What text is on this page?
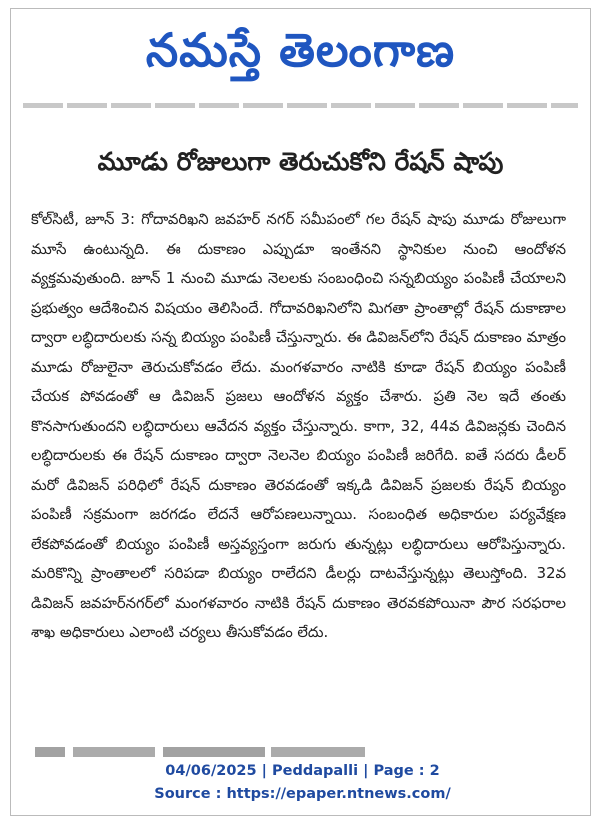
నమస్తే తెలంగాణ
మూడు రోజులుగా తెరుచుకోని రేషన్ షాపు

కోల్‌సిటీ, జూన్ 3: గోదావరిఖని జవహర్ నగర్ సమీపంలో గల రేషన్ షాపు మూడు రోజులుగా మూసే ఉంటున్నది. ఈ దుకాణం ఎప్పుడూ ఇంతేనని స్థానికుల నుంచి ఆందోళన వ్యక్తమవుతుంది. జూన్ 1 నుంచి మూడు నెలలకు సంబంధించి సన్నబియ్యం పంపిణీ చేయాలని ప్రభుత్వం ఆదేశించిన విషయం తెలిసిందే. గోదావరిఖనిలోని మిగతా ప్రాంతాల్లో రేషన్ దుకాణాల ద్వారా లబ్ధిదారులకు సన్న బియ్యం పంపిణీ చేస్తున్నారు. ఈ డివిజన్‌లోని రేషన్ దుకాణం మాత్రం మూడు రోజులైనా తెరుచుకోవడం లేదు. మంగళవారం నాటికి కూడా రేషన్ బియ్యం పంపిణీ చేయక పోవడంతో ఆ డివిజన్ ప్రజలు ఆందోళన వ్యక్తం చేశారు. ప్రతి నెల ఇదే తంతు కొనసాగుతుందని లబ్ధిదారులు ఆవేదన వ్యక్తం చేస్తున్నారు. కాగా, 32, 44వ డివిజన్లకు చెందిన లబ్ధిదారులకు ఈ రేషన్ దుకాణం ద్వారా నెలనెల బియ్యం పంపిణీ జరిగేది. ఐతే సదరు డీలర్ మరో డివిజన్ పరిధిలో రేషన్ దుకాణం తెరవడంతో ఇక్కడి డివిజన్ ప్రజలకు రేషన్ బియ్యం పంపిణీ సక్రమంగా జరగడం లేదనే ఆరోపణలున్నాయి. సంబంధిత అధికారుల పర్యవేక్షణ లేకపోవడంతో బియ్యం పంపిణీ అస్తవ్యస్తంగా జరుగు తున్నట్లు లబ్ధిదారులు ఆరోపిస్తున్నారు. మరికొన్ని ప్రాంతాలలో సరిపడా బియ్యం రాలేదని డీలర్లు దాటవేస్తున్నట్లు తెలుస్తోంది. 32వ డివిజన్ జవహర్‌నగర్‌లో మంగళవారం నాటికి రేషన్ దుకాణం తెరవకపోయినా పౌర సరఫరాల శాఖ అధికారులు ఎలాంటి చర్యలు తీసుకోవడం లేదు.

04/06/2025 | Peddapalli | Page : 2
Source : https://epaper.ntnews.com/
